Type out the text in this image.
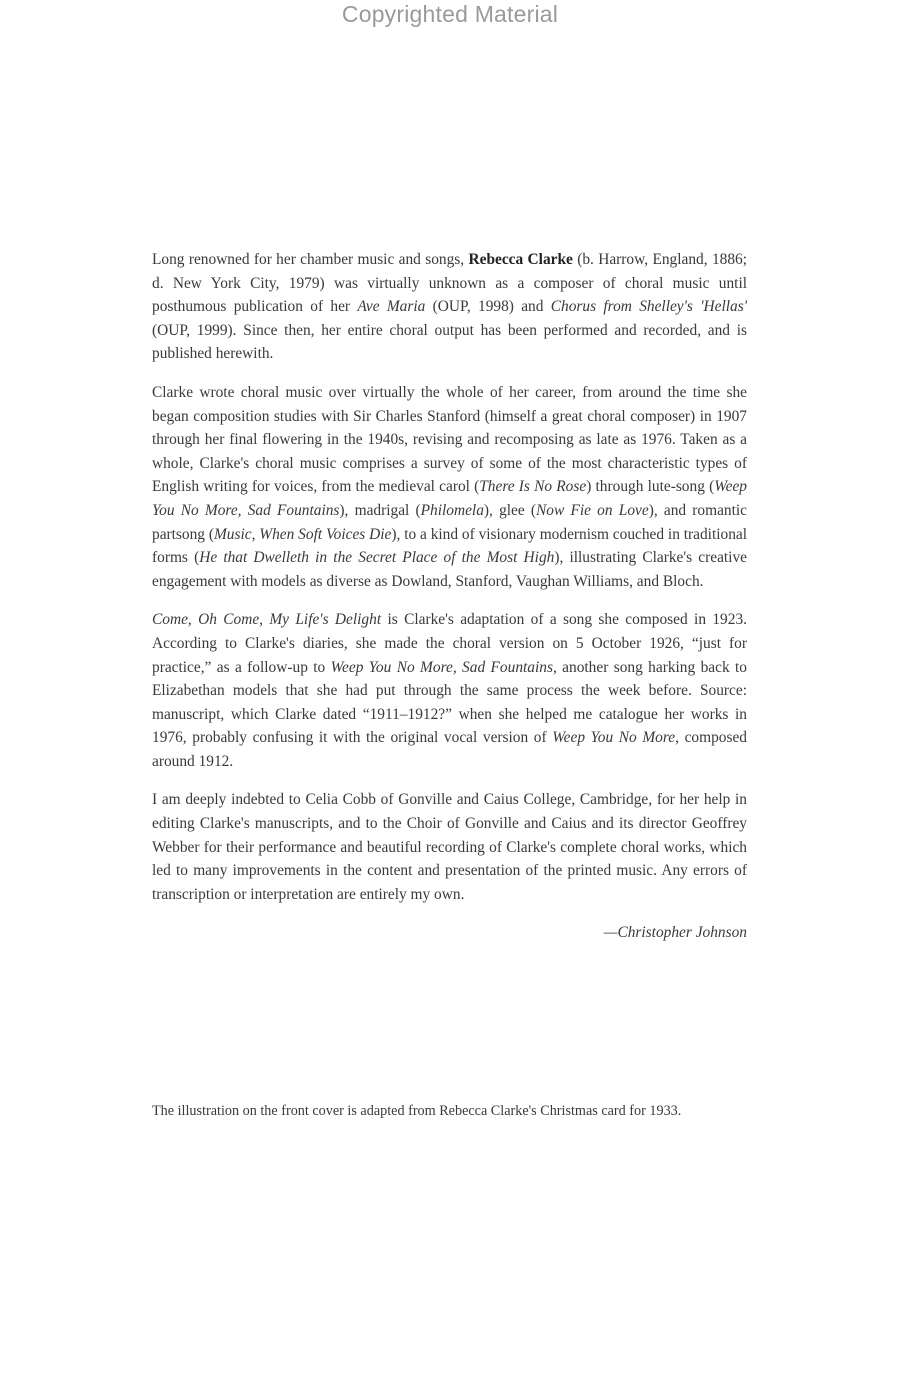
Copyrighted Material

Long renowned for her chamber music and songs, Rebecca Clarke (b. Harrow, England, 1886; d. New York City, 1979) was virtually unknown as a composer of choral music until posthumous publication of her Ave Maria (OUP, 1998) and Chorus from Shelley's 'Hellas' (OUP, 1999). Since then, her entire choral output has been performed and recorded, and is published herewith.

Clarke wrote choral music over virtually the whole of her career, from around the time she began composition studies with Sir Charles Stanford (himself a great choral composer) in 1907 through her final flowering in the 1940s, revising and recomposing as late as 1976. Taken as a whole, Clarke's choral music comprises a survey of some of the most characteristic types of English writing for voices, from the medieval carol (There Is No Rose) through lute-song (Weep You No More, Sad Fountains), madrigal (Philomela), glee (Now Fie on Love), and romantic partsong (Music, When Soft Voices Die), to a kind of visionary modernism couched in traditional forms (He that Dwelleth in the Secret Place of the Most High), illustrating Clarke's creative engagement with models as diverse as Dowland, Stanford, Vaughan Williams, and Bloch.

Come, Oh Come, My Life's Delight is Clarke's adaptation of a song she composed in 1923. According to Clarke's diaries, she made the choral version on 5 October 1926, “just for practice,” as a follow-up to Weep You No More, Sad Fountains, another song harking back to Elizabethan models that she had put through the same process the week before. Source: manuscript, which Clarke dated “1911–1912?” when she helped me catalogue her works in 1976, probably confusing it with the original vocal version of Weep You No More, composed around 1912.

I am deeply indebted to Celia Cobb of Gonville and Caius College, Cambridge, for her help in editing Clarke's manuscripts, and to the Choir of Gonville and Caius and its director Geoffrey Webber for their performance and beautiful recording of Clarke's complete choral works, which led to many improvements in the content and presentation of the printed music. Any errors of transcription or interpretation are entirely my own.

—Christopher Johnson

The illustration on the front cover is adapted from Rebecca Clarke's Christmas card for 1933.
